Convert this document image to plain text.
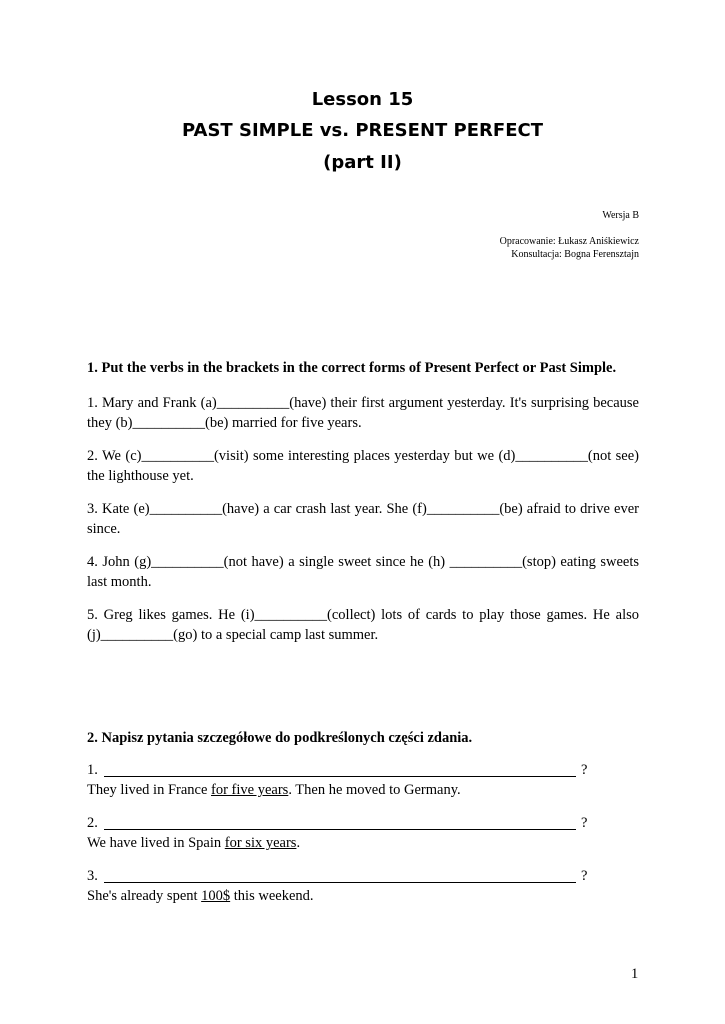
Lesson 15
PAST SIMPLE vs. PRESENT PERFECT
(part II)
Wersja B
Opracowanie: Łukasz Aniśkiewicz
Konsultacja: Bogna Ferensztajn
1. Put the verbs in the brackets in the correct forms of Present Perfect or Past Simple.
1. Mary and Frank (a)__________(have) their first argument yesterday. It's surprising because they (b)__________(be) married for five years.
2. We (c)__________(visit) some interesting places yesterday but we (d)__________(not see) the lighthouse yet.
3. Kate (e)__________(have) a car crash last year. She (f)__________(be) afraid to drive ever since.
4. John (g)__________(not have) a single sweet since he (h) __________(stop) eating sweets last month.
5. Greg likes games. He (i)__________(collect) lots of cards to play those games. He also (j)__________(go) to a special camp last summer.
2. Napisz pytania szczegółowe do podkreślonych części zdania.
1.	?
They lived in France for five years. Then he moved to Germany.
2.	?
We have lived in Spain for six years.
3.	?
She's already spent 100$ this weekend.
1
